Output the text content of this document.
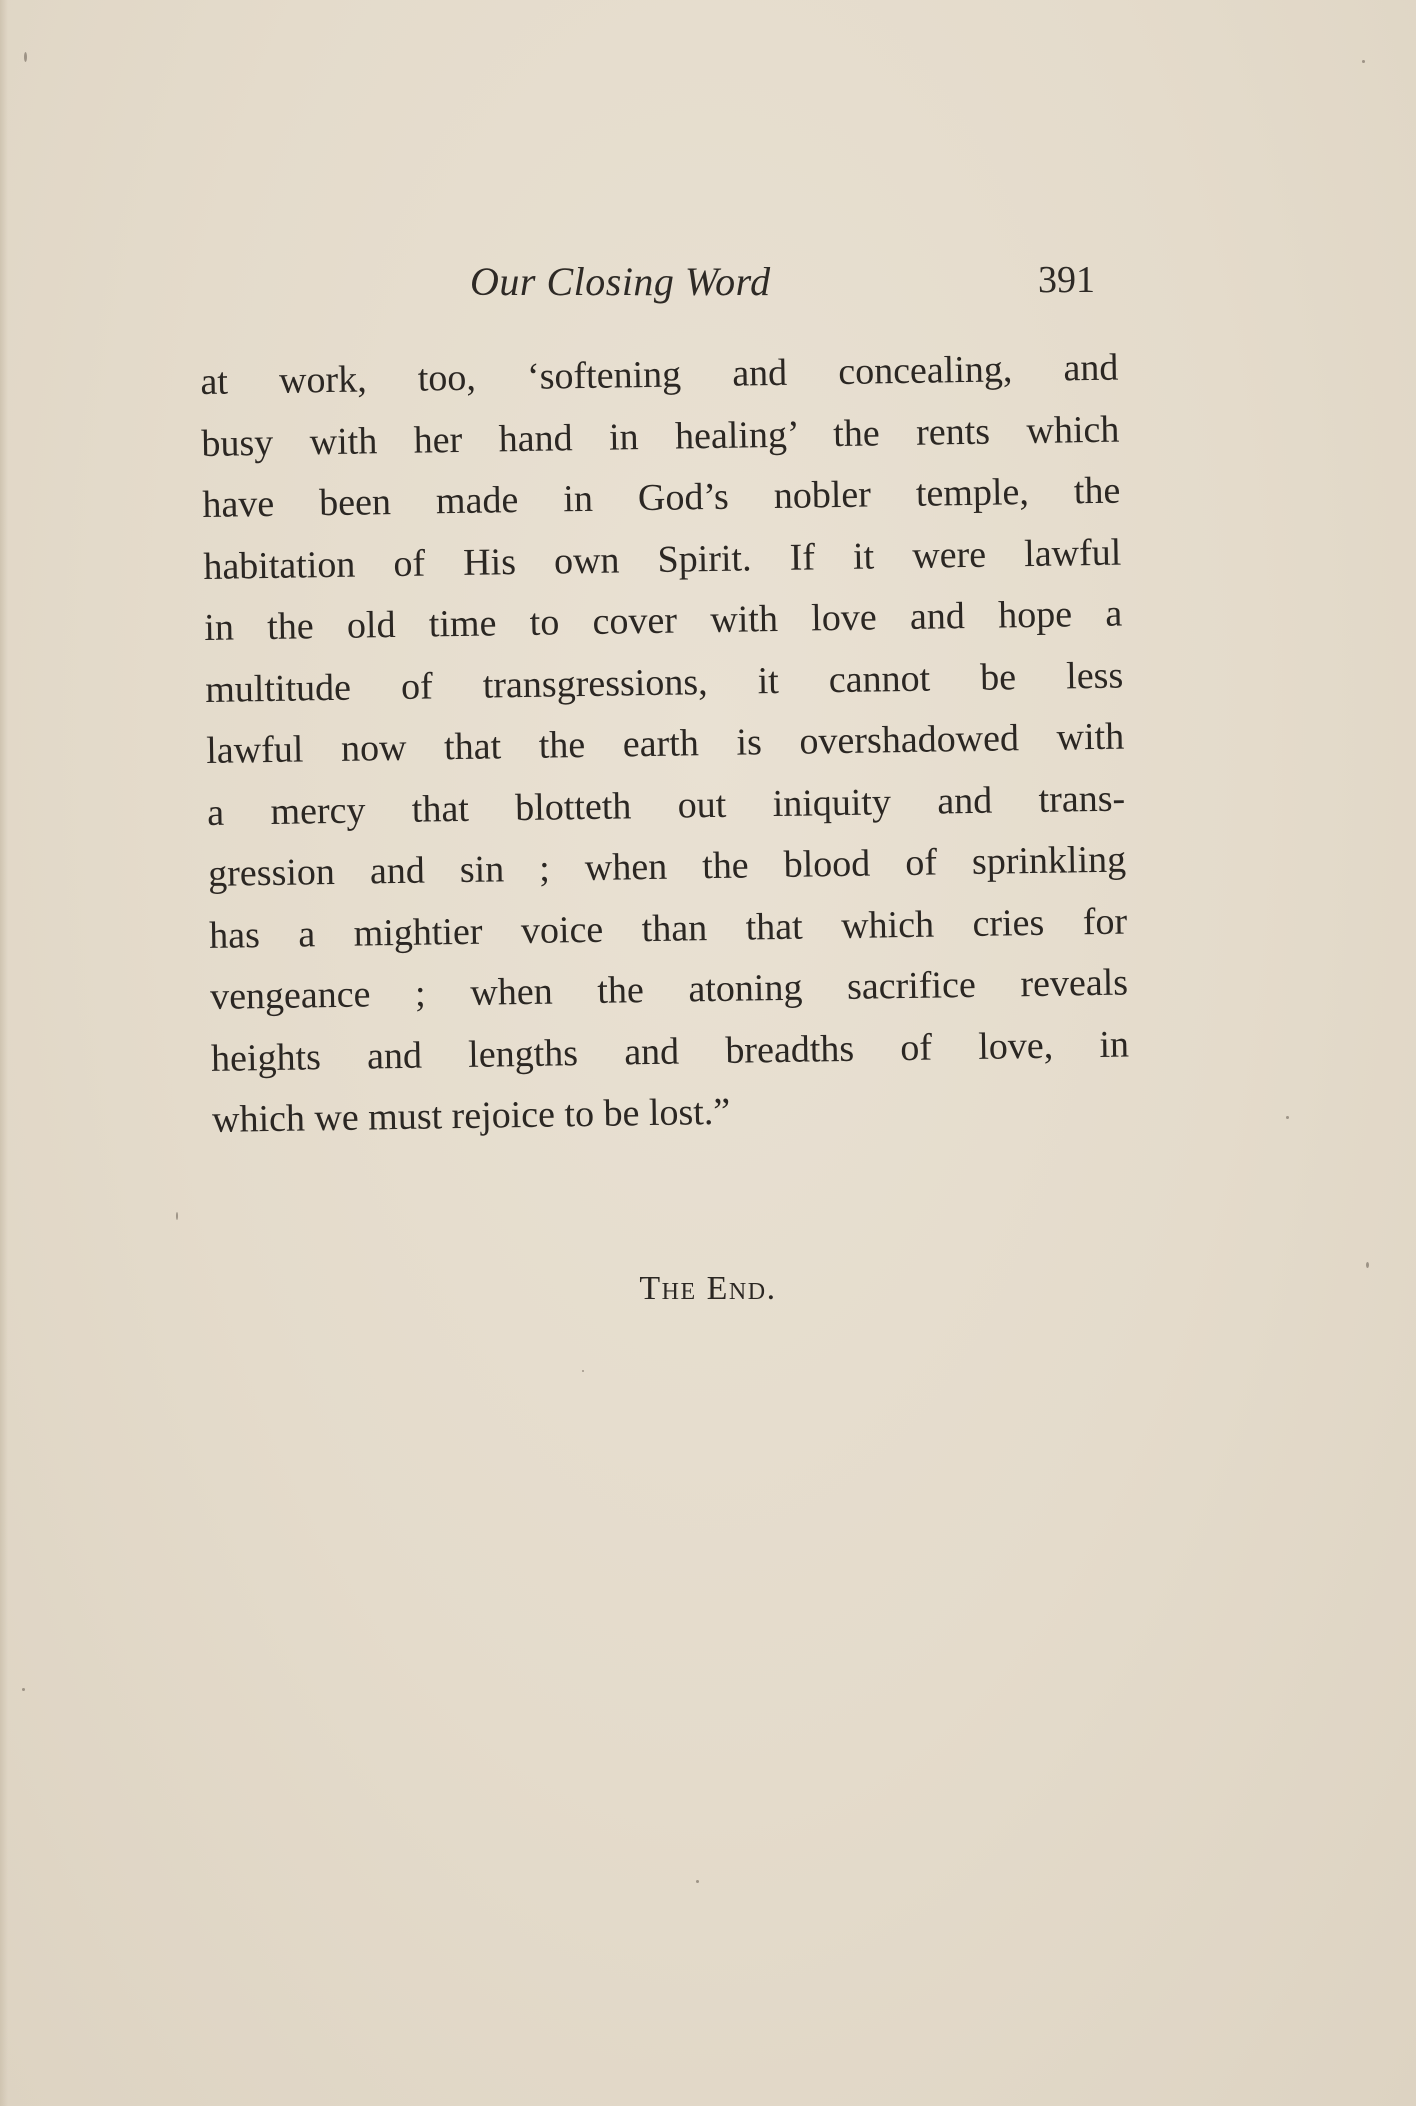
Our Closing Word	391
at work, too, ‘softening and concealing, and
busy with her hand in healing’ the rents which
have been made in God’s nobler temple, the
habitation of His own Spirit. If it were lawful
in the old time to cover with love and hope a
multitude of transgressions, it cannot be less
lawful now that the earth is overshadowed with
a mercy that blotteth out iniquity and trans-
gression and sin ; when the blood of sprinkling
has a mightier voice than that which cries for
vengeance ; when the atoning sacrifice reveals
heights and lengths and breadths of love, in
which we must rejoice to be lost.”
The End.
